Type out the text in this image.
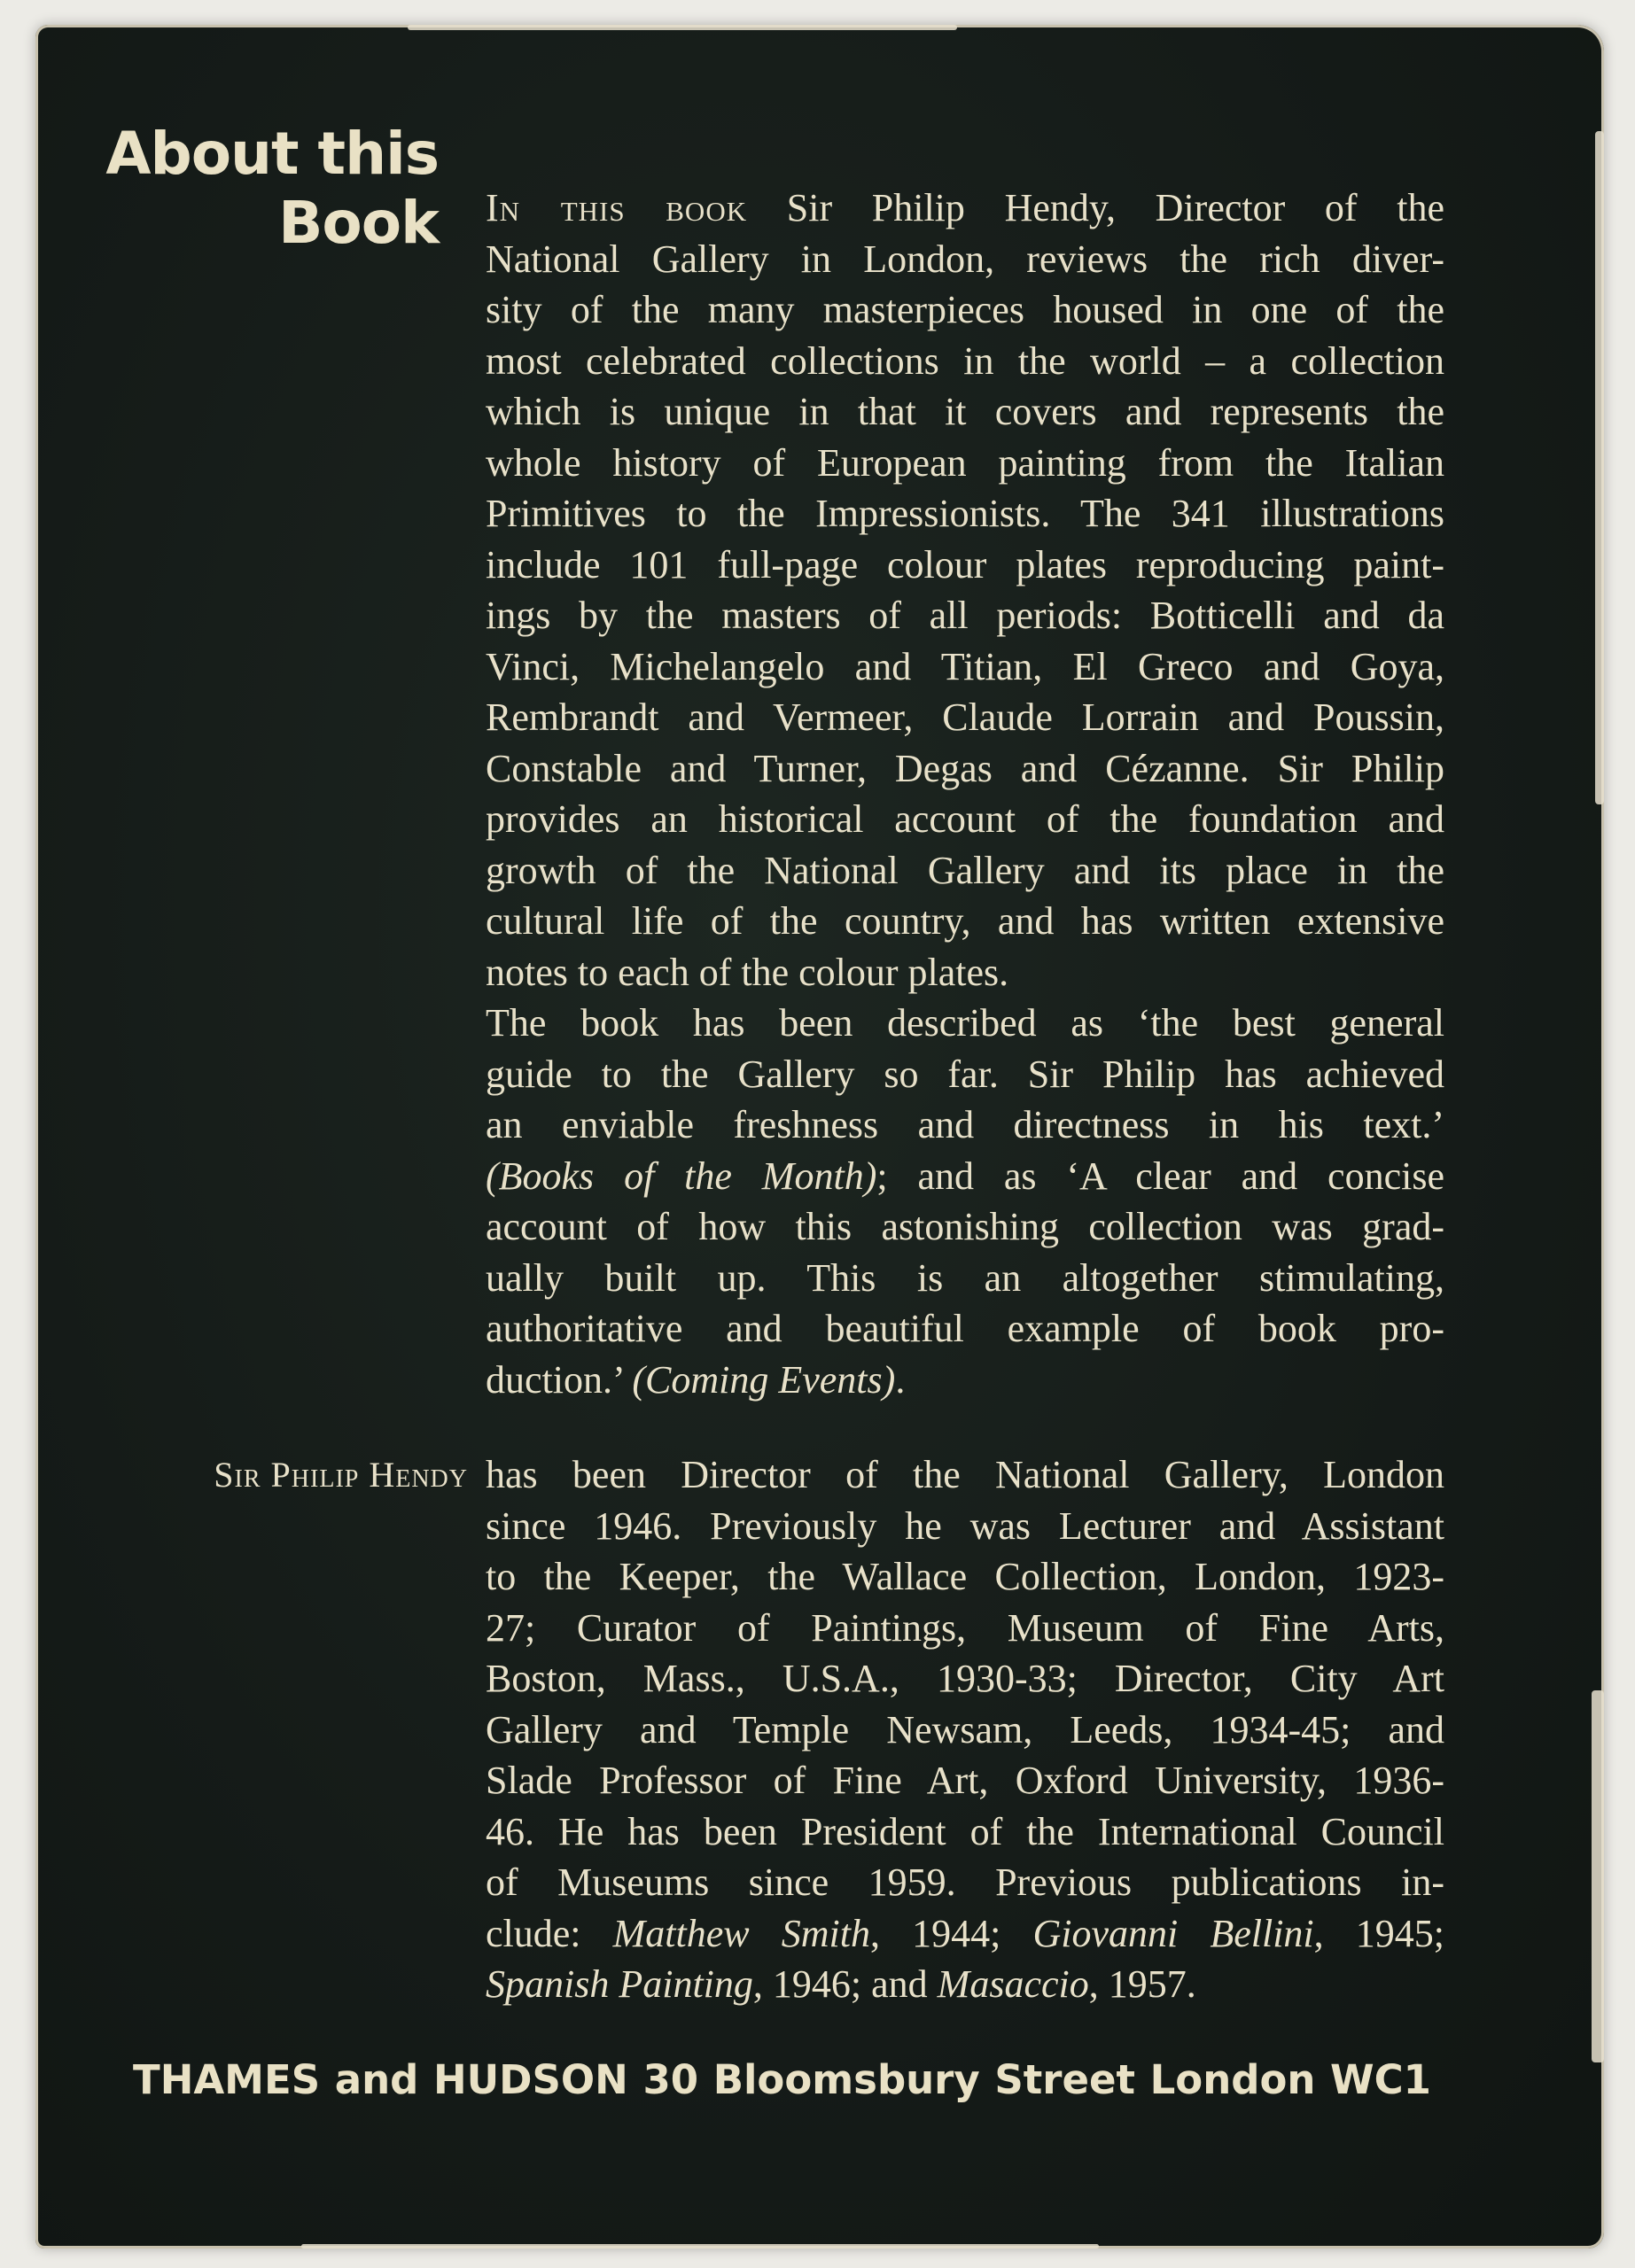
About this
Book In this book Sir Philip Hendy, Director of the
National Gallery in London, reviews the rich diver-
sity of the many masterpieces housed in one of the
most celebrated collections in the world – a collection
which is unique in that it covers and represents the
whole history of European painting from the Italian
Primitives to the Impressionists. The 341 illustrations
include 101 full-page colour plates reproducing paint-
ings by the masters of all periods: Botticelli and da
Vinci, Michelangelo and Titian, El Greco and Goya,
Rembrandt and Vermeer, Claude Lorrain and Poussin,
Constable and Turner, Degas and Cézanne. Sir Philip
provides an historical account of the foundation and
growth of the National Gallery and its place in the
cultural life of the country, and has written extensive
notes to each of the colour plates.
The book has been described as ‘the best general
guide to the Gallery so far. Sir Philip has achieved
an enviable freshness and directness in his text.’
(Books of the Month); and as ‘A clear and concise
account of how this astonishing collection was grad-
ually built up. This is an altogether stimulating,
authoritative and beautiful example of book pro-
duction.’ (Coming Events).
Sir Philip Hendy has been Director of the National Gallery, London
since 1946. Previously he was Lecturer and Assistant
to the Keeper, the Wallace Collection, London, 1923-
27; Curator of Paintings, Museum of Fine Arts,
Boston, Mass., U.S.A., 1930-33; Director, City Art
Gallery and Temple Newsam, Leeds, 1934-45; and
Slade Professor of Fine Art, Oxford University, 1936-
46. He has been President of the International Council
of Museums since 1959. Previous publications in-
clude: Matthew Smith, 1944; Giovanni Bellini, 1945;
Spanish Painting, 1946; and Masaccio, 1957.
THAMES and HUDSON 30 Bloomsbury Street London WC1
